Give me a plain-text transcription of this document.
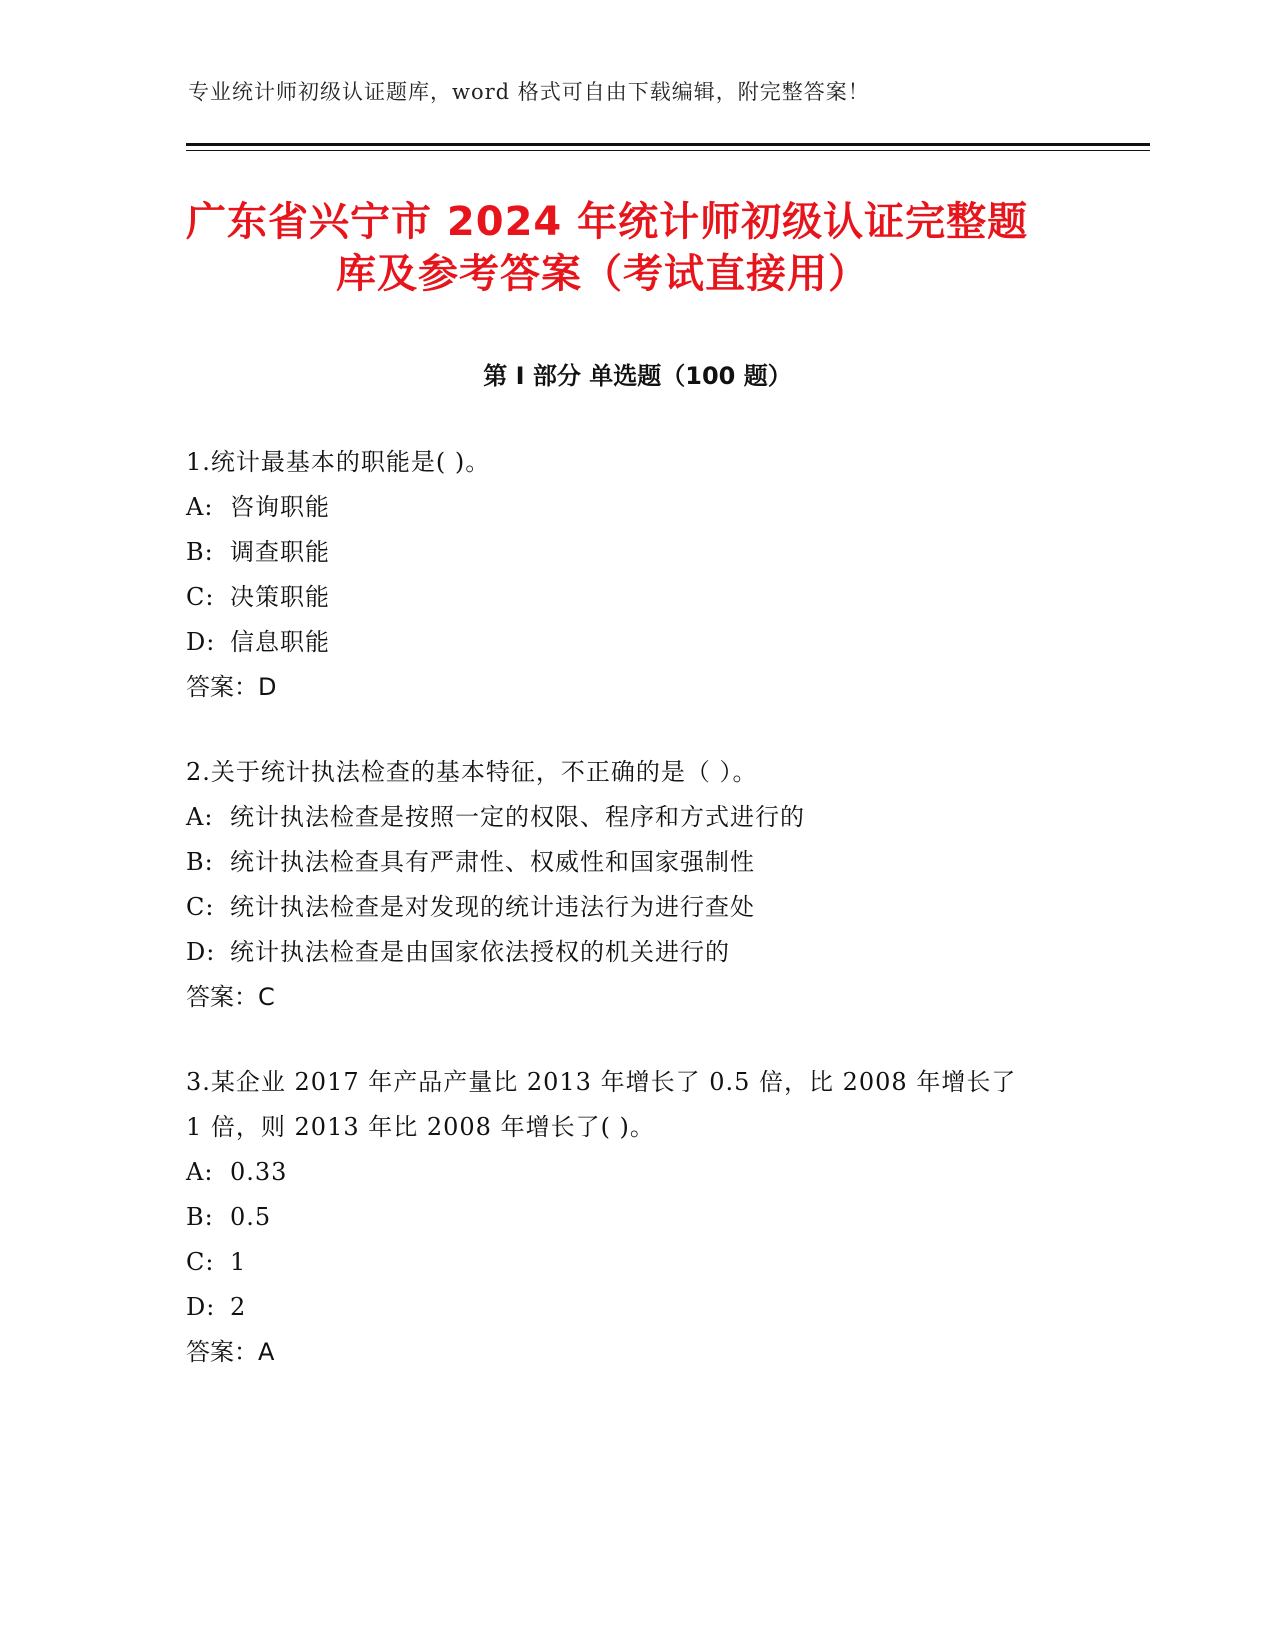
专业统计师初级认证题库，word 格式可自由下载编辑，附完整答案！
广东省兴宁市 2024 年统计师初级认证完整题
库及参考答案（考试直接用）
第 I 部分 单选题（100 题）
1.统计最基本的职能是( )。
A: 咨询职能
B: 调查职能
C: 决策职能
D: 信息职能
答案：D
2.关于统计执法检查的基本特征，不正确的是（ ）。
A: 统计执法检查是按照一定的权限、程序和方式进行的
B: 统计执法检查具有严肃性、权威性和国家强制性
C: 统计执法检查是对发现的统计违法行为进行查处
D: 统计执法检查是由国家依法授权的机关进行的
答案：C
3.某企业 2017 年产品产量比 2013 年增长了 0.5 倍，比 2008 年增长了
1 倍，则 2013 年比 2008 年增长了( )。
A: 0.33
B: 0.5
C: 1
D: 2
答案：A
